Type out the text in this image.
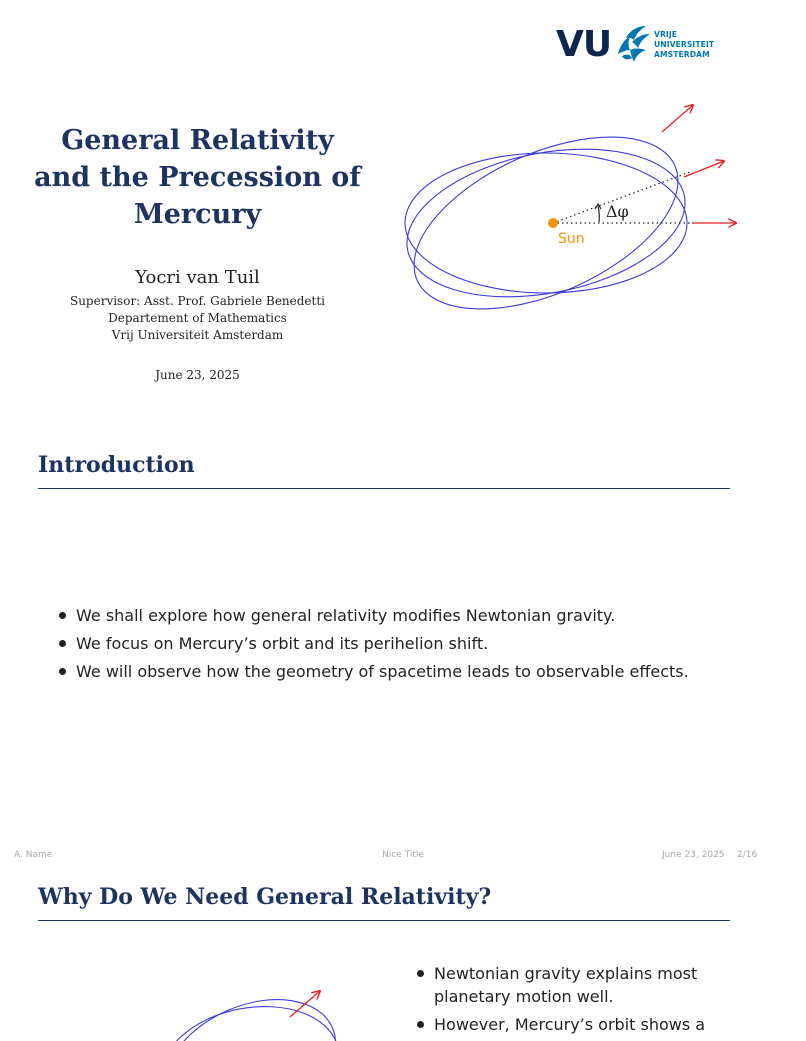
VU	VRIJE
UNIVERSITEIT
AMSTERDAM
General Relativity
and the Precession of
Mercury
Yocri van Tuil
Supervisor: Asst. Prof. Gabriele Benedetti
Departement of Mathematics
Vrij Universiteit Amsterdam
June 23, 2025
Δφ
Sun
Introduction
We shall explore how general relativity modifies Newtonian gravity.
We focus on Mercury’s orbit and its perihelion shift.
We will observe how the geometry of spacetime leads to observable effects.
A. Name	Nice Title	June 23, 2025 2/16
Why Do We Need General Relativity?
Newtonian gravity explains most planetary motion well.
However, Mercury’s orbit shows a
